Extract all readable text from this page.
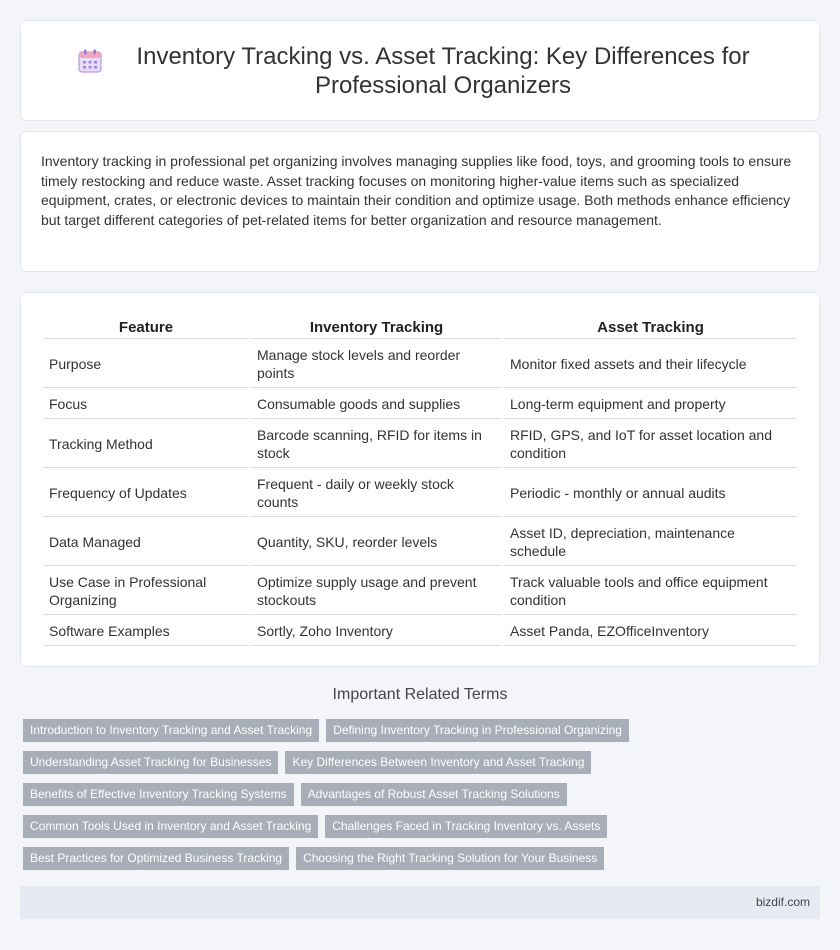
Inventory Tracking vs. Asset Tracking: Key Differences for Professional Organizers

Inventory tracking in professional pet organizing involves managing supplies like food, toys, and grooming tools to ensure timely restocking and reduce waste. Asset tracking focuses on monitoring higher-value items such as specialized equipment, crates, or electronic devices to maintain their condition and optimize usage. Both methods enhance efficiency but target different categories of pet-related items for better organization and resource management.

Feature	Inventory Tracking	Asset Tracking
Purpose	Manage stock levels and reorder points	Monitor fixed assets and their lifecycle
Focus	Consumable goods and supplies	Long-term equipment and property
Tracking Method	Barcode scanning, RFID for items in stock	RFID, GPS, and IoT for asset location and condition
Frequency of Updates	Frequent - daily or weekly stock counts	Periodic - monthly or annual audits
Data Managed	Quantity, SKU, reorder levels	Asset ID, depreciation, maintenance schedule
Use Case in Professional Organizing	Optimize supply usage and prevent stockouts	Track valuable tools and office equipment condition
Software Examples	Sortly, Zoho Inventory	Asset Panda, EZOfficeInventory
Important Related Terms
Introduction to Inventory Tracking and Asset Tracking	Defining Inventory Tracking in Professional Organizing
Understanding Asset Tracking for Businesses	Key Differences Between Inventory and Asset Tracking
Benefits of Effective Inventory Tracking Systems	Advantages of Robust Asset Tracking Solutions
Common Tools Used in Inventory and Asset Tracking	Challenges Faced in Tracking Inventory vs. Assets
Best Practices for Optimized Business Tracking	Choosing the Right Tracking Solution for Your Business
bizdif.com
